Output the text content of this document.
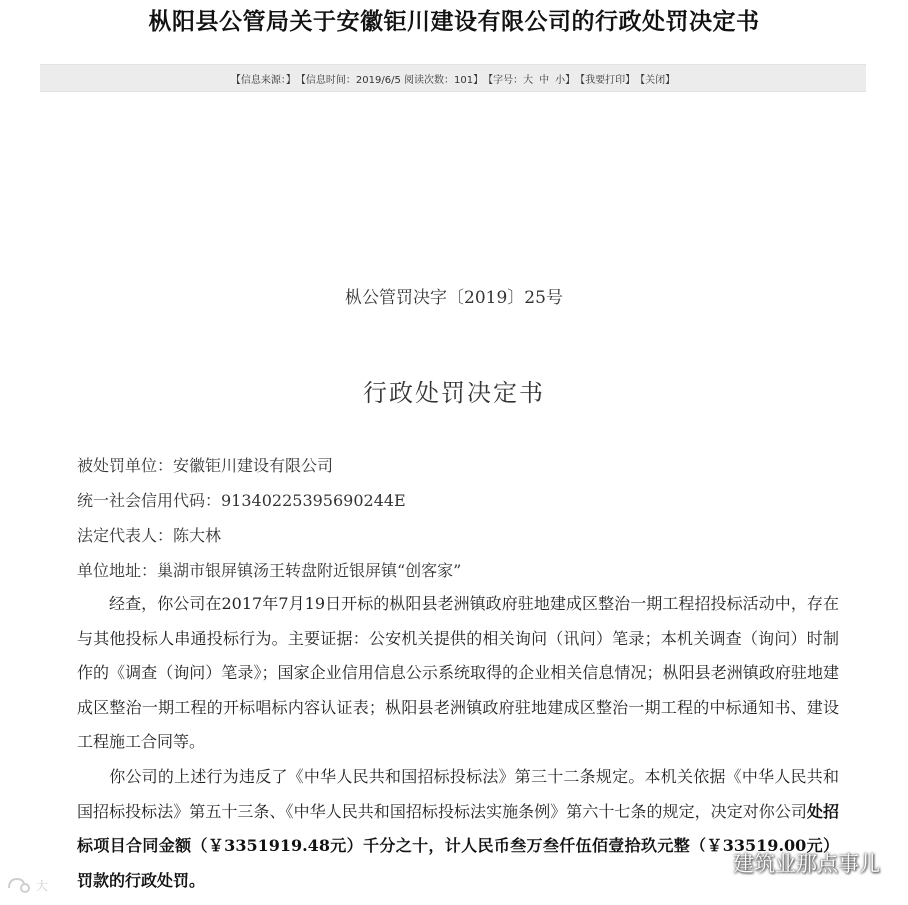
枞阳县公管局关于安徽钜川建设有限公司的行政处罚决定书
【信息来源：】 【信息时间：2019/6/5 阅读次数：101】 【字号： 大 中 小】 【我要打印】 【关闭】
枞公管罚决字〔2019〕25号
行政处罚决定书
被处罚单位：安徽钜川建设有限公司
统一社会信用代码：91340225395690244E
法定代表人：陈大林
单位地址：巢湖市银屏镇汤王转盘附近银屏镇“创客家”

经查，你公司在2017年7月19日开标的枞阳县老洲镇政府驻地建成区整治一期工程招投标活动中，存在与其他投标人串通投标行为。主要证据：公安机关提供的相关询问（讯问）笔录；本机关调查（询问）时制作的《调查（询问）笔录》；国家企业信用信息公示系统取得的企业相关信息情况；枞阳县老洲镇政府驻地建成区整治一期工程的开标唱标内容认证表；枞阳县老洲镇政府驻地建成区整治一期工程的中标通知书、建设工程施工合同等。

你公司的上述行为违反了《中华人民共和国招标投标法》第三十二条规定。本机关依据《中华人民共和国招标投标法》第五十三条、《中华人民共和国招标投标法实施条例》第六十七条的规定，决定对你公司处招标项目合同金额（￥3351919.48元）千分之十，计人民币叁万叁仟伍佰壹拾玖元整（￥33519.00元）罚款的行政处罚。

建筑业那点事儿
大
